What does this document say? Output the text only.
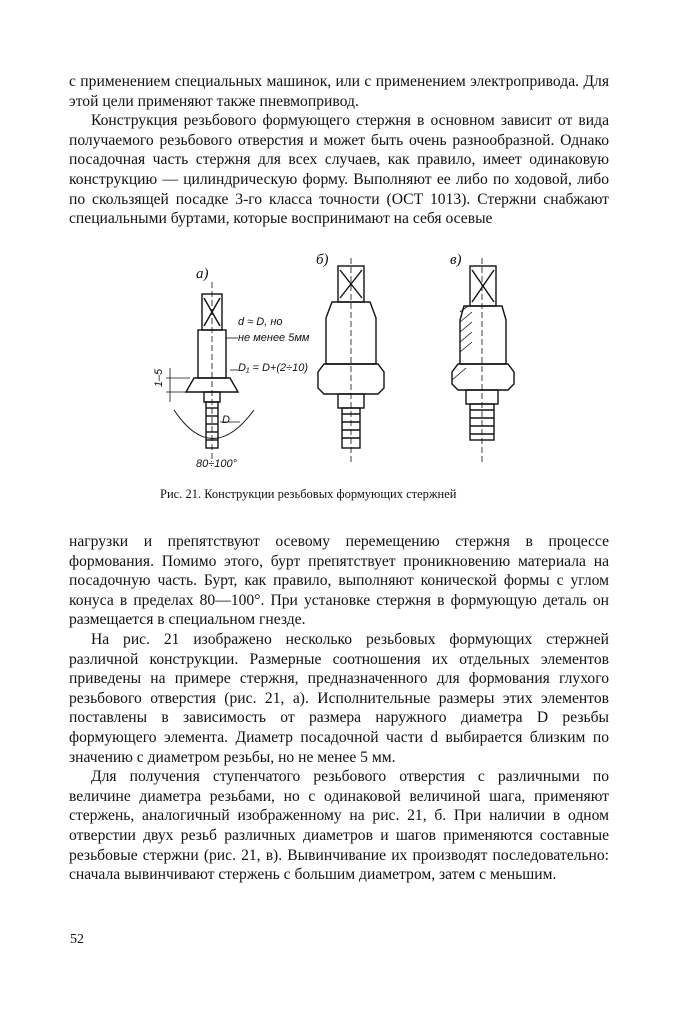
с применением специальных машинок, или с применением электропривода. Для этой цели применяют также пневмопривод.

Конструкция резьбового формующего стержня в основном зависит от вида получаемого резьбового отверстия и может быть очень разнообразной. Однако посадочная часть стержня для всех случаев, как правило, имеет одинаковую конструкцию — цилиндрическую форму. Выполняют ее либо по ходовой, либо по скользящей посадке 3-го класса точности (ОСТ 1013). Стержни снабжают специальными буртами, которые воспринимают на себя осевые

а)
б)	в)
d ≈ D, но
не менее 5мм
D₁ = D+(2÷10)
D
1–5
80÷100°
Рис. 21. Конструкции резьбовых формующих стержней

нагрузки и препятствуют осевому перемещению стержня в процессе формования. Помимо этого, бурт препятствует проникновению материала на посадочную часть. Бурт, как правило, выполняют конической формы с углом конуса в пределах 80—100°. При установке стержня в формующую деталь он размещается в специальном гнезде.

На рис. 21 изображено несколько резьбовых формующих стержней различной конструкции. Размерные соотношения их отдельных элементов приведены на примере стержня, предназначенного для формования глухого резьбового отверстия (рис. 21, а). Исполнительные размеры этих элементов поставлены в зависимость от размера наружного диаметра D резьбы формующего элемента. Диаметр посадочной части d выбирается близким по значению с диаметром резьбы, но не менее 5 мм.

Для получения ступенчатого резьбового отверстия с различными по величине диаметра резьбами, но с одинаковой величиной шага, применяют стержень, аналогичный изображенному на рис. 21, б. При наличии в одном отверстии двух резьб различных диаметров и шагов применяются составные резьбовые стержни (рис. 21, в). Вывинчивание их производят последовательно: сначала вывинчивают стержень с большим диаметром, затем с меньшим.

52
